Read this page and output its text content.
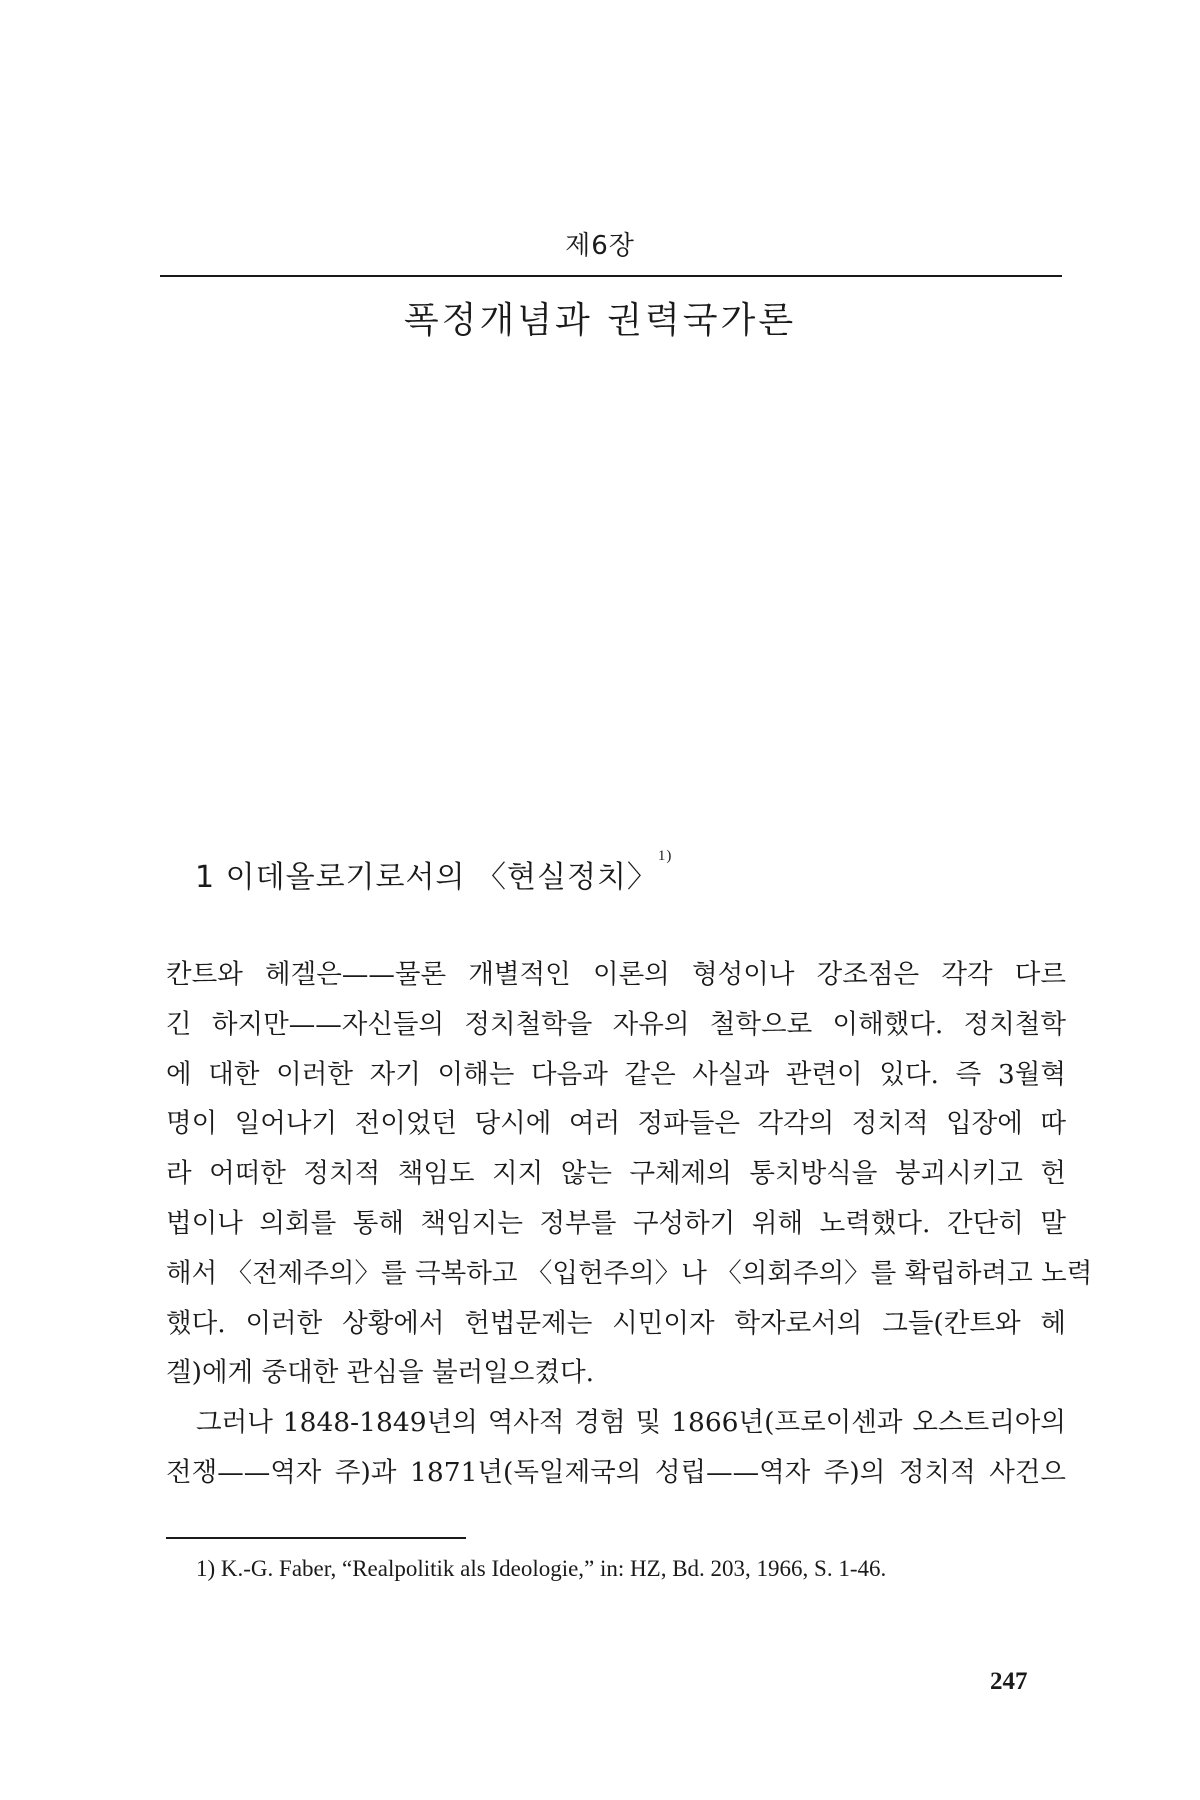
제6장
폭정개념과 권력국가론
1 이데올로기로서의 〈현실정치〉$^{1)}$
칸트와 헤겔은——물론 개별적인 이론의 형성이나 강조점은 각각 다르
긴 하지만——자신들의 정치철학을 자유의 철학으로 이해했다. 정치철학
에 대한 이러한 자기 이해는 다음과 같은 사실과 관련이 있다. 즉 3월혁
명이 일어나기 전이었던 당시에 여러 정파들은 각각의 정치적 입장에 따
라 어떠한 정치적 책임도 지지 않는 구체제의 통치방식을 붕괴시키고 헌
법이나 의회를 통해 책임지는 정부를 구성하기 위해 노력했다. 간단히 말
해서 〈전제주의〉를 극복하고 〈입헌주의〉나 〈의회주의〉를 확립하려고 노력
했다. 이러한 상황에서 헌법문제는 시민이자 학자로서의 그들(칸트와 헤
겔)에게 중대한 관심을 불러일으켰다.
그러나 1848-1849년의 역사적 경험 및 1866년(프로이센과 오스트리아의
전쟁——역자 주)과 1871년(독일제국의 성립——역자 주)의 정치적 사건으
1) K.-G. Faber, “Realpolitik als Ideologie,” in: HZ, Bd. 203, 1966, S. 1-46.
247
